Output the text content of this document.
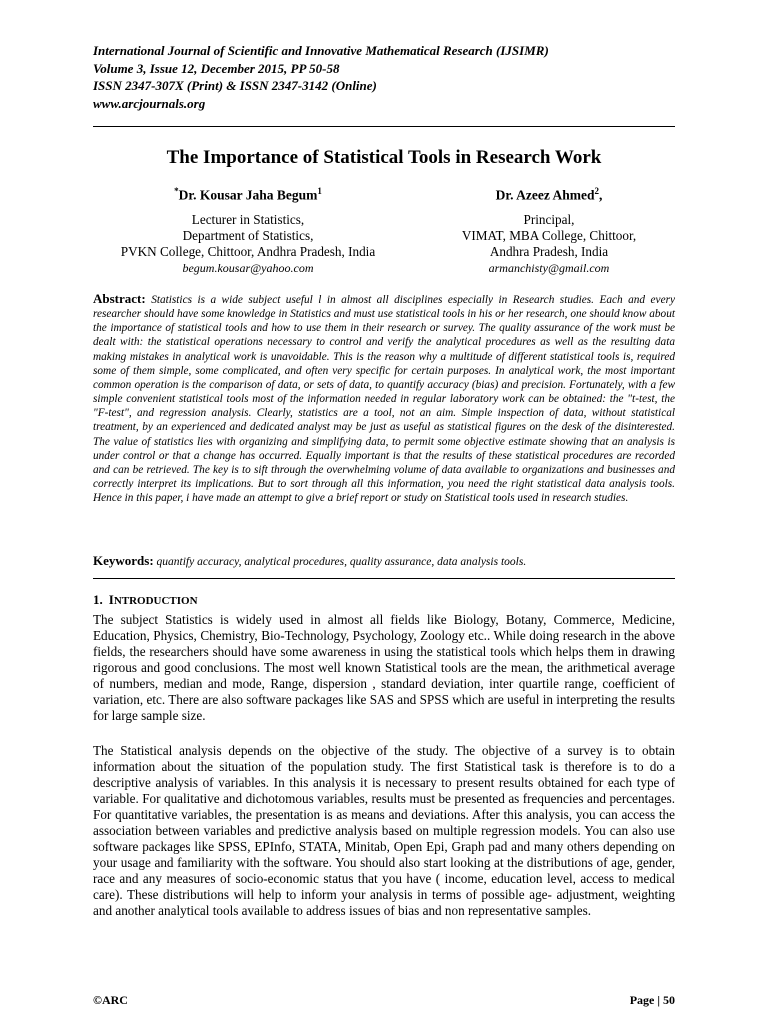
International Journal of Scientific and Innovative Mathematical Research (IJSIMR)
Volume 3, Issue 12, December 2015, PP 50-58
ISSN 2347-307X (Print) & ISSN 2347-3142 (Online)
www.arcjournals.org
The Importance of Statistical Tools in Research Work
*Dr. Kousar Jaha Begum$^1$
Lecturer in Statistics,
Department of Statistics,
PVKN College, Chittoor, Andhra Pradesh, India
begum.kousar@yahoo.com
Dr. Azeez Ahmed$^2$,
Principal,
VIMAT, MBA College, Chittoor,
Andhra Pradesh, India
armanchisty@gmail.com
Abstract: Statistics is a wide subject useful l in almost all disciplines especially in Research studies. Each and every researcher should have some knowledge in Statistics and must use statistical tools in his or her research, one should know about the importance of statistical tools and how to use them in their research or survey. The quality assurance of the work must be dealt with: the statistical operations necessary to control and verify the analytical procedures as well as the resulting data making mistakes in analytical work is unavoidable. This is the reason why a multitude of different statistical tools is, required some of them simple, some complicated, and often very specific for certain purposes. In analytical work, the most important common operation is the comparison of data, or sets of data, to quantify accuracy (bias) and precision. Fortunately, with a few simple convenient statistical tools most of the information needed in regular laboratory work can be obtained: the "t-test, the "F-test", and regression analysis. Clearly, statistics are a tool, not an aim. Simple inspection of data, without statistical treatment, by an experienced and dedicated analyst may be just as useful as statistical figures on the desk of the disinterested. The value of statistics lies with organizing and simplifying data, to permit some objective estimate showing that an analysis is under control or that a change has occurred. Equally important is that the results of these statistical procedures are recorded and can be retrieved. The key is to sift through the overwhelming volume of data available to organizations and businesses and correctly interpret its implications. But to sort through all this information, you need the right statistical data analysis tools. Hence in this paper, i have made an attempt to give a brief report or study on Statistical tools used in research studies.
Keywords: quantify accuracy, analytical procedures, quality assurance, data analysis tools.
1. INTRODUCTION
The subject Statistics is widely used in almost all fields like Biology, Botany, Commerce, Medicine, Education, Physics, Chemistry, Bio-Technology, Psychology, Zoology etc.. While doing research in the above fields, the researchers should have some awareness in using the statistical tools which helps them in drawing rigorous and good conclusions. The most well known Statistical tools are the mean, the arithmetical average of numbers, median and mode, Range, dispersion , standard deviation, inter quartile range, coefficient of variation, etc. There are also software packages like SAS and SPSS which are useful in interpreting the results for large sample size.
The Statistical analysis depends on the objective of the study. The objective of a survey is to obtain information about the situation of the population study. The first Statistical task is therefore is to do a descriptive analysis of variables. In this analysis it is necessary to present results obtained for each type of variable. For qualitative and dichotomous variables, results must be presented as frequencies and percentages. For quantitative variables, the presentation is as means and deviations. After this analysis, you can access the association between variables and predictive analysis based on multiple regression models. You can also use software packages like SPSS, EPInfo, STATA, Minitab, Open Epi, Graph pad and many others depending on your usage and familiarity with the software. You should also start looking at the distributions of age, gender, race and any measures of socio-economic status that you have ( income, education level, access to medical care). These distributions will help to inform your analysis in terms of possible age- adjustment, weighting and another analytical tools available to address issues of bias and non representative samples.
©ARC	Page | 50
